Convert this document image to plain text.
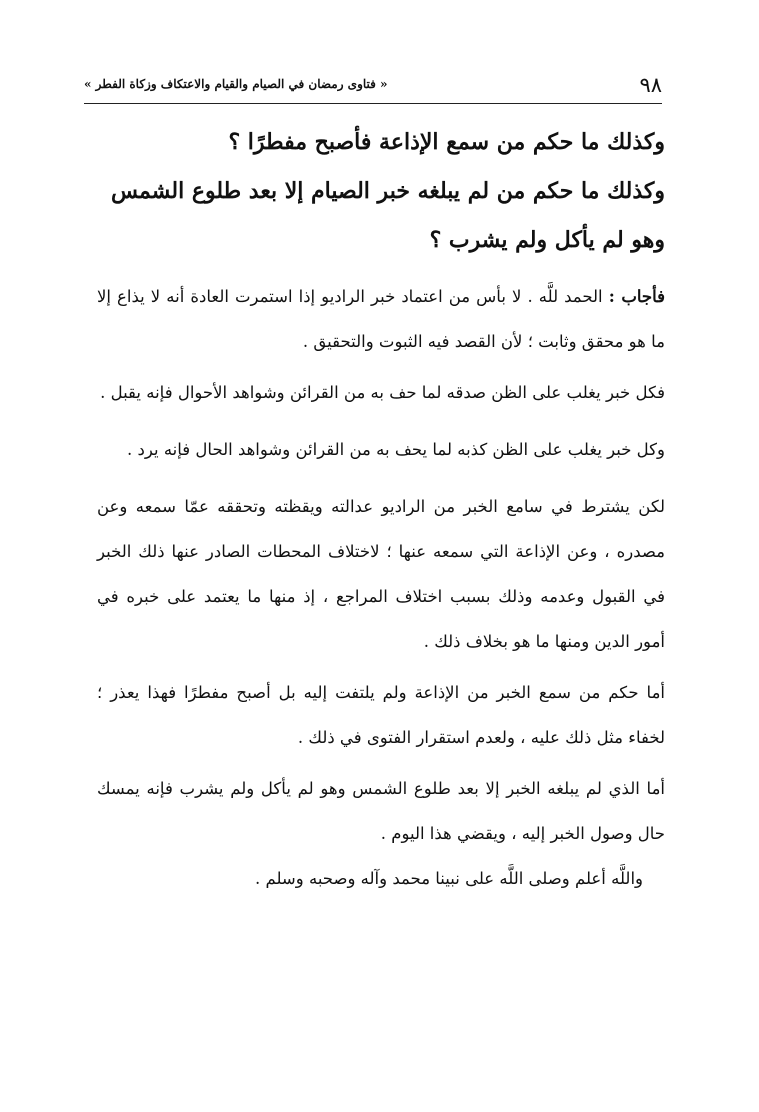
٩٨
« فتاوى رمضان في الصيام والقيام والاعتكاف وزكاة الفطر »

وكذلك ما حكم من سمع الإذاعة فأصبح مفطرًا ؟

وكذلك ما حكم من لم يبلغه خبر الصيام إلا بعد طلوع الشمس

وهو لم يأكل ولم يشرب ؟

فأجاب : الحمد للَّه . لا بأس من اعتماد خبر الراديو إذا استمرت العادة أنه لا يذاع إلا ما هو محقق وثابت ؛ لأن القصد فيه الثبوت والتحقيق .

فكل خبر يغلب على الظن صدقه لما حف به من القرائن وشواهد الأحوال فإنه يقبل .

وكل خبر يغلب على الظن كذبه لما يحف به من القرائن وشواهد الحال فإنه يرد .

لكن يشترط في سامع الخبر من الراديو عدالته ويقظته وتحققه عمّا سمعه وعن مصدره ، وعن الإذاعة التي سمعه عنها ؛ لاختلاف المحطات الصادر عنها ذلك الخبر في القبول وعدمه وذلك بسبب اختلاف المراجع ، إذ منها ما يعتمد على خبره في أمور الدين ومنها ما هو بخلاف ذلك .

أما حكم من سمع الخبر من الإذاعة ولم يلتفت إليه بل أصبح مفطرًا فهذا يعذر ؛ لخفاء مثل ذلك عليه ، ولعدم استقرار الفتوى في ذلك .

أما الذي لم يبلغه الخبر إلا بعد طلوع الشمس وهو لم يأكل ولم يشرب فإنه يمسك حال وصول الخبر إليه ، ويقضي هذا اليوم .

واللَّه أعلم وصلى اللَّه على نبينا محمد وآله وصحبه وسلم .
